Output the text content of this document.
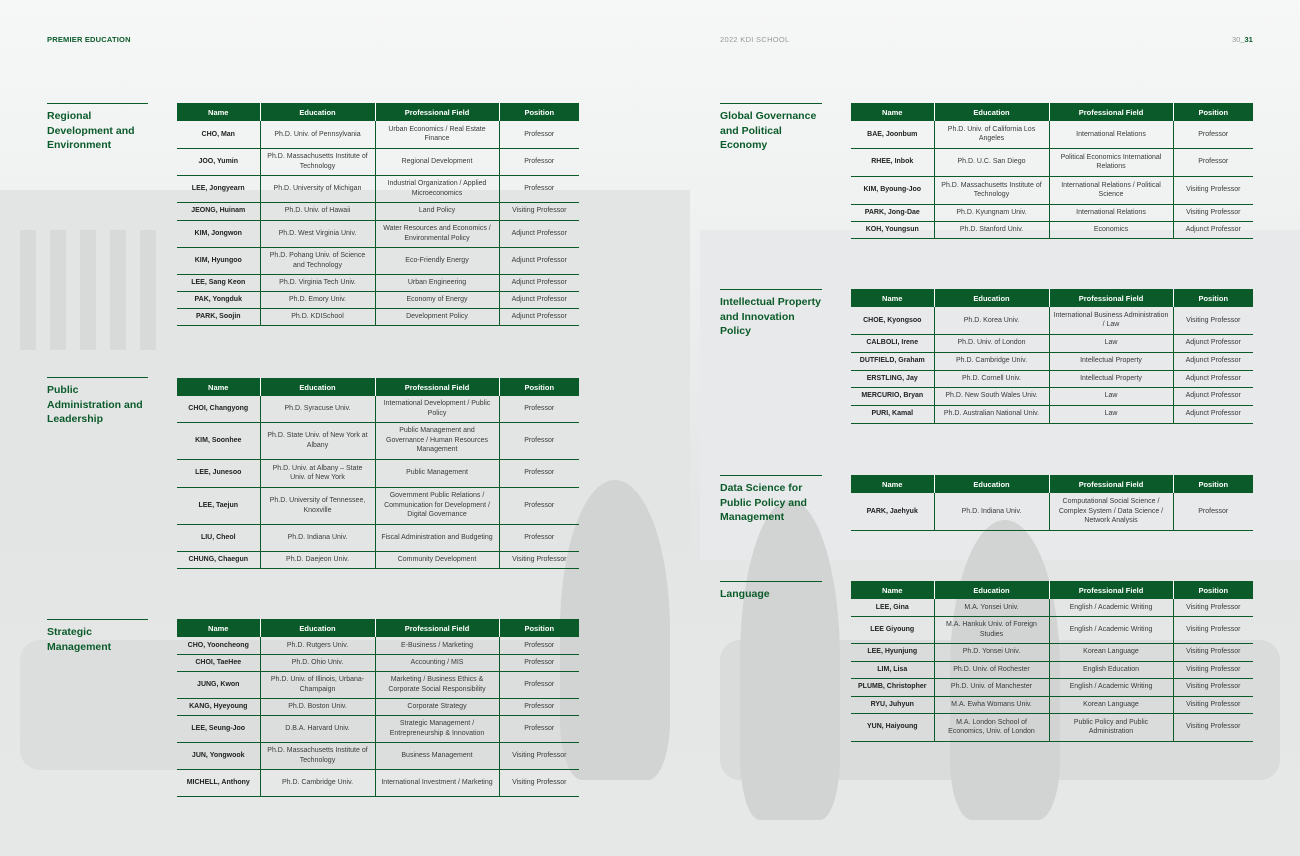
PREMIER EDUCATION	2022 KDI SCHOOL	30_31
Regional Development and Environment
Public Administration and Leadership
Strategic Management
Global Governance and Political Economy
Intellectual Property and Innovation Policy
Data Science for Public Policy and Management
Language
Name	Education	Professional Field	Position
CHO, Man	Ph.D. Univ. of Pennsylvania	Urban Economics / Real Estate Finance	Professor
JOO, Yumin	Ph.D. Massachusetts Institute of Technology	Regional Development	Professor
LEE, Jongyearn	Ph.D. University of Michigan	Industrial Organization / Applied Microeconomics	Professor
JEONG, Huinam	Ph.D. Univ. of Hawaii	Land Policy	Visiting Professor
KIM, Jongwon	Ph.D. West Virginia Univ.	Water Resources and Economics / Environmental Policy	Adjunct Professor
KIM, Hyungoo	Ph.D. Pohang Univ. of Science and Technology	Eco-Friendly Energy	Adjunct Professor
LEE, Sang Keon	Ph.D. Virginia Tech Univ.	Urban Engineering	Adjunct Professor
PAK, Yongduk	Ph.D. Emory Univ.	Economy of Energy	Adjunct Professor
PARK, Soojin	Ph.D. KDISchool	Development Policy	Adjunct Professor
Name	Education	Professional Field	Position
CHOI, Changyong	Ph.D. Syracuse Univ.	International Development / Public Policy	Professor
KIM, Soonhee	Ph.D. State Univ. of New York at Albany	Public Management and Governance / Human Resources Management	Professor
LEE, Junesoo	Ph.D. Univ. at Albany – State Univ. of New York	Public Management	Professor
LEE, Taejun	Ph.D. University of Tennessee, Knoxville	Government Public Relations / Communication for Development / Digital Governance	Professor
LIU, Cheol	Ph.D. Indiana Univ.	Fiscal Administration and Budgeting	Professor
CHUNG, Chaegun	Ph.D. Daejeon Univ.	Community Development	Visiting Professor
Name	Education	Professional Field	Position
CHO, Yooncheong	Ph.D. Rutgers Univ.	E-Business / Marketing	Professor
CHOI, TaeHee	Ph.D. Ohio Univ.	Accounting / MIS	Professor
JUNG, Kwon	Ph.D. Univ. of Illinois, Urbana-Champaign	Marketing / Business Ethics & Corporate Social Responsibility	Professor
KANG, Hyeyoung	Ph.D. Boston Univ.	Corporate Strategy	Professor
LEE, Seung-Joo	D.B.A. Harvard Univ.	Strategic Management / Entrepreneurship & Innovation	Professor
JUN, Yongwook	Ph.D. Massachusetts Institute of Technology	Business Management	Visiting Professor
MICHELL, Anthony	Ph.D. Cambridge Univ.	International Investment / Marketing	Visiting Professor
Name	Education	Professional Field	Position
BAE, Joonbum	Ph.D. Univ. of California Los Angeles	International Relations	Professor
RHEE, Inbok	Ph.D. U.C. San Diego	Political Economics International Relations	Professor
KIM, Byoung-Joo	Ph.D. Massachusetts Institute of Technology	International Relations / Political Science	Visiting Professor
PARK, Jong-Dae	Ph.D. Kyungnam Univ.	International Relations	Visiting Professor
KOH, Youngsun	Ph.D. Stanford Univ.	Economics	Adjunct Professor
Name	Education	Professional Field	Position
CHOE, Kyongsoo	Ph.D. Korea Univ.	International Business Administration / Law	Visiting Professor
CALBOLI, Irene	Ph.D. Univ. of London	Law	Adjunct Professor
DUTFIELD, Graham	Ph.D. Cambridge Univ.	Intellectual Property	Adjunct Professor
ERSTLING, Jay	Ph.D. Cornell Univ.	Intellectual Property	Adjunct Professor
MERCURIO, Bryan	Ph.D. New South Wales Univ.	Law	Adjunct Professor
PURI, Kamal	Ph.D. Australian National Univ.	Law	Adjunct Professor
Name	Education	Professional Field	Position
PARK, Jaehyuk	Ph.D. Indiana Univ.	Computational Social Science / Complex System / Data Science / Network Analysis	Professor
Name	Education	Professional Field	Position
LEE, Gina	M.A. Yonsei Univ.	English / Academic Writing	Visiting Professor
LEE Giyoung	M.A. Hankuk Univ. of Foreign Studies	English / Academic Writing	Visiting Professor
LEE, Hyunjung	Ph.D. Yonsei Univ.	Korean Language	Visiting Professor
LIM, Lisa	Ph.D. Univ. of Rochester	English Education	Visiting Professor
PLUMB, Christopher	Ph.D. Univ. of Manchester	English / Academic Writing	Visiting Professor
RYU, Juhyun	M.A. Ewha Womans Univ.	Korean Language	Visiting Professor
YUN, Haiyoung	M.A. London School of Economics, Univ. of London	Public Policy and Public Administration	Visiting Professor
